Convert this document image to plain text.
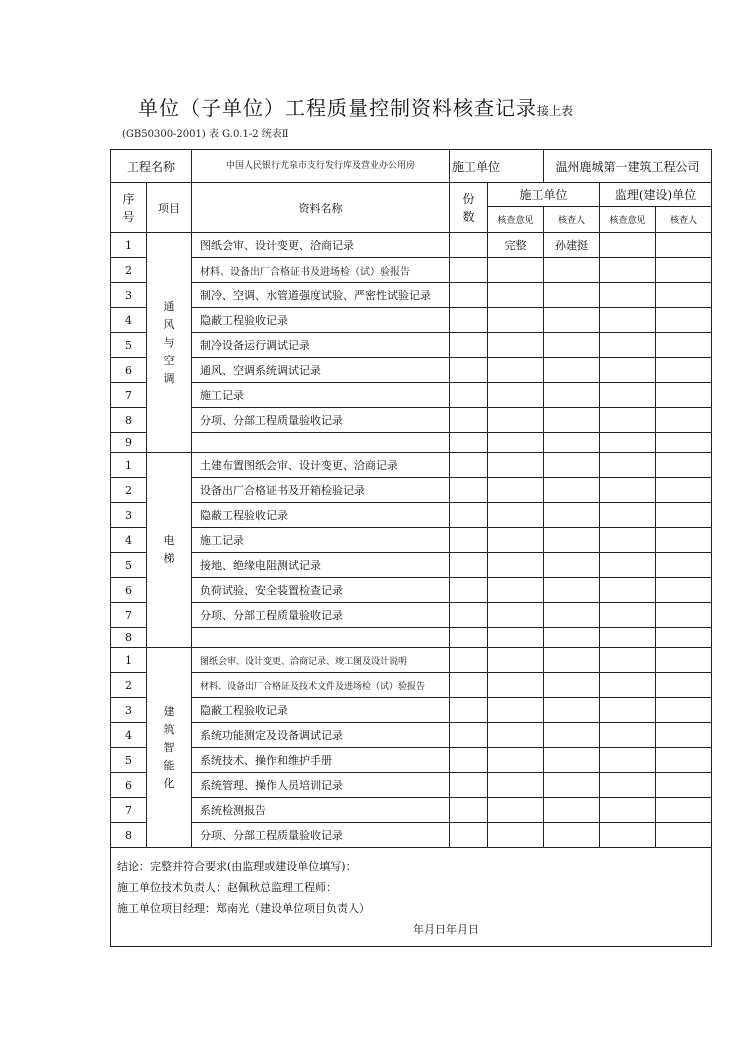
单位（子单位）工程质量控制资料核查记录接上表
(GB50300-2001) 表 G.0.1-2 统表Ⅱ
工程名称		中国人民银行尤泉市支行发行库及营业办公用房	施工单位		温州鹿城第一建筑工程公司		
序号	项目	资料名称	份数	施工单位		监理(建设)单位	
				核查意见	核查人	核查意见	核查人
1	通
风
与
空
调	图纸会审、设计变更、洽商记录		完整	孙建挺		
2		材料、设备出厂合格证书及进场检（试）验报告					
3		制冷、空调、水管道强度试验、严密性试验记录					
4		隐蔽工程验收记录					
5		制冷设备运行调试记录					
6		通风、空调系统调试记录					
7		施工记录					
8		分项、分部工程质量验收记录					
9							
1	电
梯	土建布置图纸会审、设计变更、洽商记录					
2		设备出厂合格证书及开箱检验记录					
3		隐蔽工程验收记录					
4		施工记录					
5		接地、绝缘电阻测试记录					
6		负荷试验、安全装置检查记录					
7		分项、分部工程质量验收记录					
8							
1	建
筑
智
能
化	图纸会审、设计变更、洽商记录、竣工图及设计说明					
2		材料、设备出厂合格证及技术文件及进场检（试）验报告					
3		隐蔽工程验收记录					
4		系统功能测定及设备调试记录					
5		系统技术、操作和维护手册					
6		系统管理、操作人员培训记录					
7		系统检测报告					
8		分项、分部工程质量验收记录					

结论：完整并符合要求(由监理或建设单位填写)：
施工单位技术负责人：赵佩秋总监理工程师：
施工单位项目经理：郑南光（建设单位项目负责人）
年月日年月日							
